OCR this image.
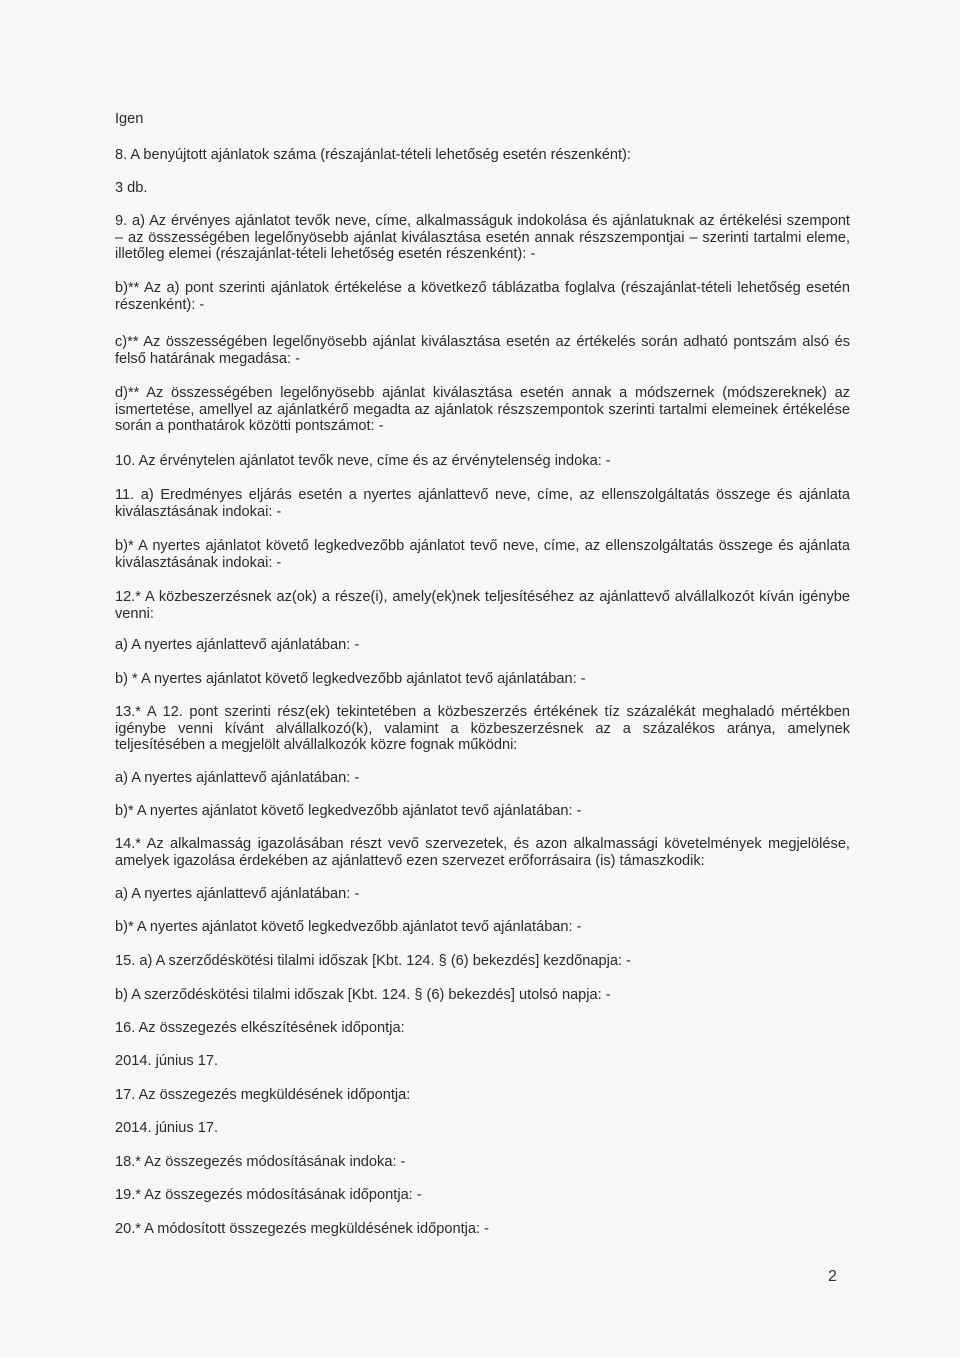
Igen

8. A benyújtott ajánlatok száma (részajánlat-tételi lehetőség esetén részenként):

3 db.

9. a) Az érvényes ajánlatot tevők neve, címe, alkalmasságuk indokolása és ajánlatuknak az értékelési szempont – az összességében legelőnyösebb ajánlat kiválasztása esetén annak részszempontjai – szerinti tartalmi eleme, illetőleg elemei (részajánlat-tételi lehetőség esetén részenként): -

b)** Az a) pont szerinti ajánlatok értékelése a következő táblázatba foglalva (részajánlat-tételi lehetőség esetén részenként): -

c)** Az összességében legelőnyösebb ajánlat kiválasztása esetén az értékelés során adható pontszám alsó és felső határának megadása: -

d)** Az összességében legelőnyösebb ajánlat kiválasztása esetén annak a módszernek (módszereknek) az ismertetése, amellyel az ajánlatkérő megadta az ajánlatok részszempontok szerinti tartalmi elemeinek értékelése során a ponthatárok közötti pontszámot: -

10. Az érvénytelen ajánlatot tevők neve, címe és az érvénytelenség indoka: -

11. a) Eredményes eljárás esetén a nyertes ajánlattevő neve, címe, az ellenszolgáltatás összege és ajánlata kiválasztásának indokai: -

b)* A nyertes ajánlatot követő legkedvezőbb ajánlatot tevő neve, címe, az ellenszolgáltatás összege és ajánlata kiválasztásának indokai: -

12.* A közbeszerzésnek az(ok) a része(i), amely(ek)nek teljesítéséhez az ajánlattevő alvállalkozót kíván igénybe venni:

a) A nyertes ajánlattevő ajánlatában: -

b) * A nyertes ajánlatot követő legkedvezőbb ajánlatot tevő ajánlatában: -

13.* A 12. pont szerinti rész(ek) tekintetében a közbeszerzés értékének tíz százalékát meghaladó mértékben igénybe venni kívánt alvállalkozó(k), valamint a közbeszerzésnek az a százalékos aránya, amelynek teljesítésében a megjelölt alvállalkozók közre fognak működni:

a) A nyertes ajánlattevő ajánlatában: -

b)* A nyertes ajánlatot követő legkedvezőbb ajánlatot tevő ajánlatában: -

14.* Az alkalmasság igazolásában részt vevő szervezetek, és azon alkalmassági követelmények megjelölése, amelyek igazolása érdekében az ajánlattevő ezen szervezet erőforrásaira (is) támaszkodik:

a) A nyertes ajánlattevő ajánlatában: -

b)* A nyertes ajánlatot követő legkedvezőbb ajánlatot tevő ajánlatában: -

15. a) A szerződéskötési tilalmi időszak [Kbt. 124. § (6) bekezdés] kezdőnapja: -

b) A szerződéskötési tilalmi időszak [Kbt. 124. § (6) bekezdés] utolsó napja: -

16. Az összegezés elkészítésének időpontja:

2014. június 17.

17. Az összegezés megküldésének időpontja:

2014. június 17.

18.* Az összegezés módosításának indoka: -

19.* Az összegezés módosításának időpontja: -

20.* A módosított összegezés megküldésének időpontja: -

2
